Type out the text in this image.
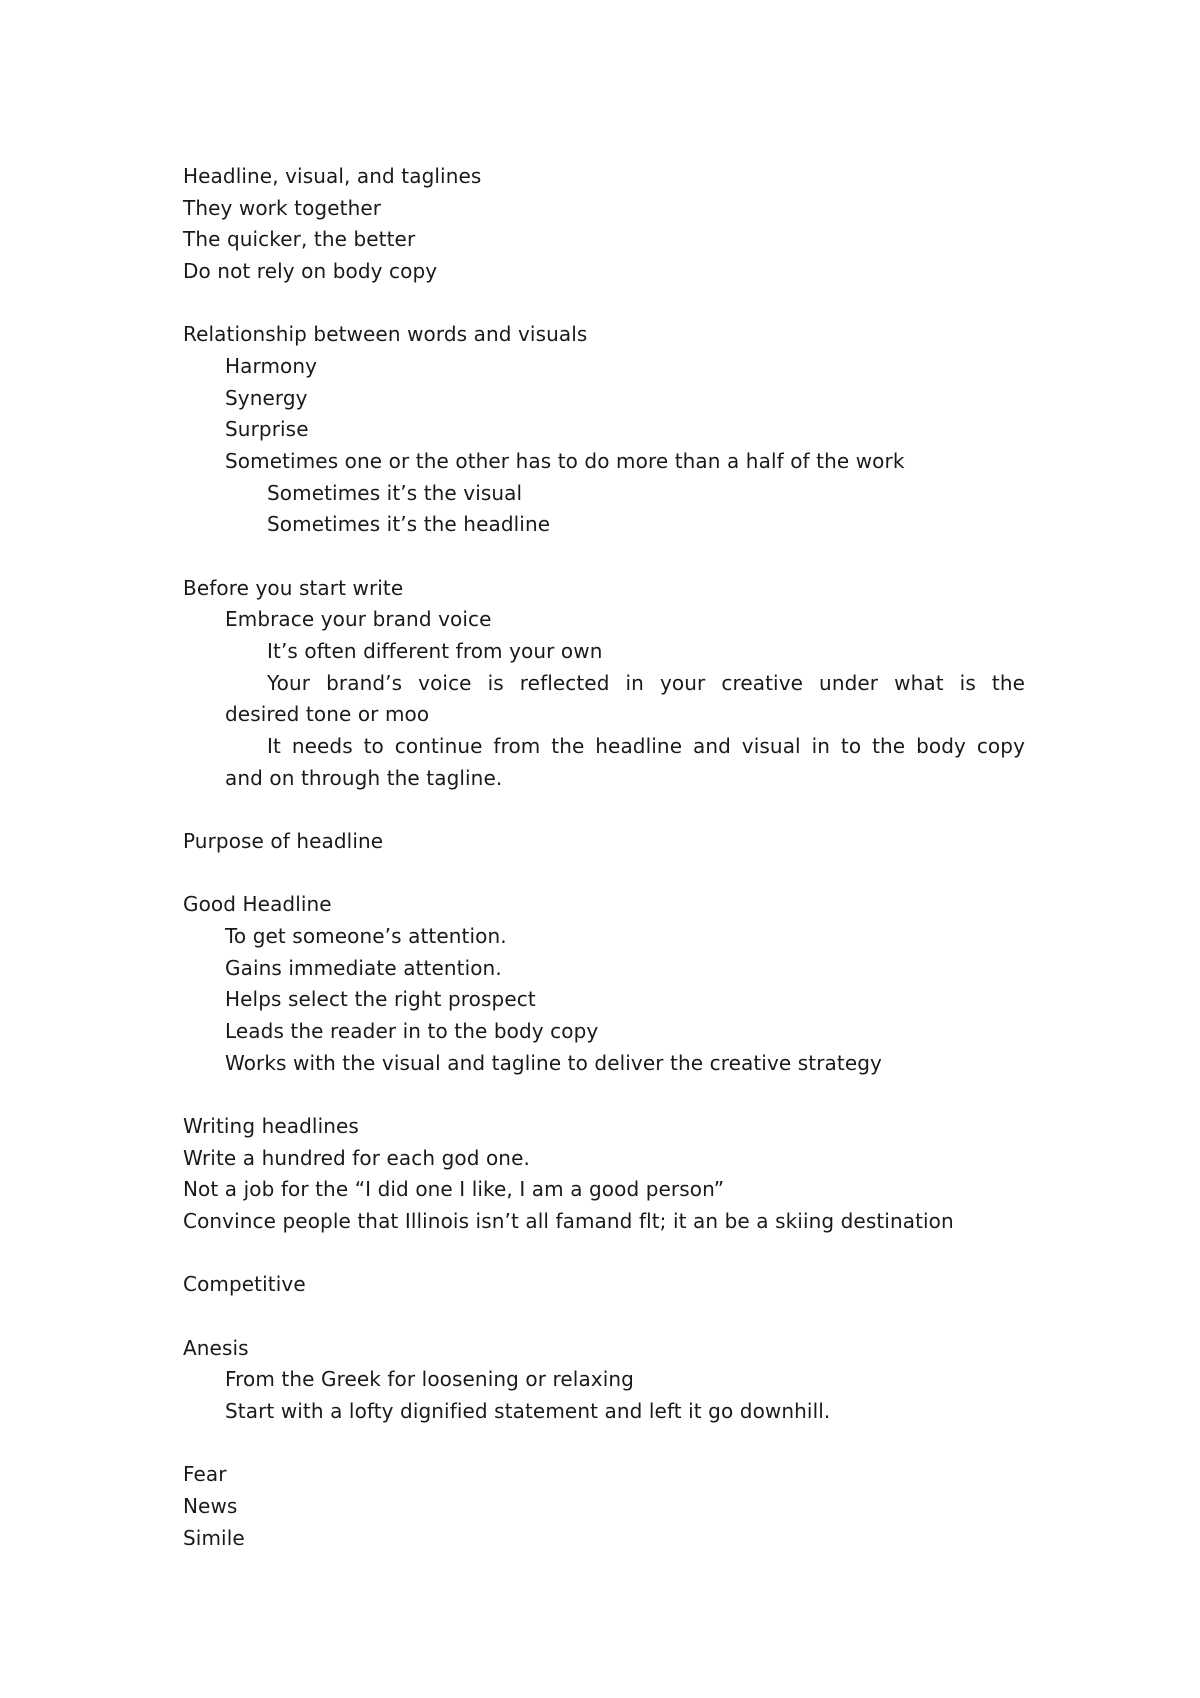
Headline, visual, and taglines

They work together

The quicker, the better

Do not rely on body copy

Relationship between words and visuals

Harmony

Synergy

Surprise

Sometimes one or the other has to do more than a half of the work

Sometimes it’s the visual

Sometimes it’s the headline

Before you start write

Embrace your brand voice

It’s often different from your own

Your brand’s voice is reflected in your creative under what is the

desired tone or moo

It needs to continue from the headline and visual in to the body copy

and on through the tagline.

Purpose of headline

Good Headline

To get someone’s attention.

Gains immediate attention.

Helps select the right prospect

Leads the reader in to the body copy

Works with the visual and tagline to deliver the creative strategy

Writing headlines

Write a hundred for each god one.

Not a job for the “I did one I like, I am a good person”

Convince people that Illinois isn’t all famand flt; it an be a skiing destination

Competitive

Anesis

From the Greek for loosening or relaxing

Start with a lofty dignified statement and left it go downhill.

Fear

News

Simile
